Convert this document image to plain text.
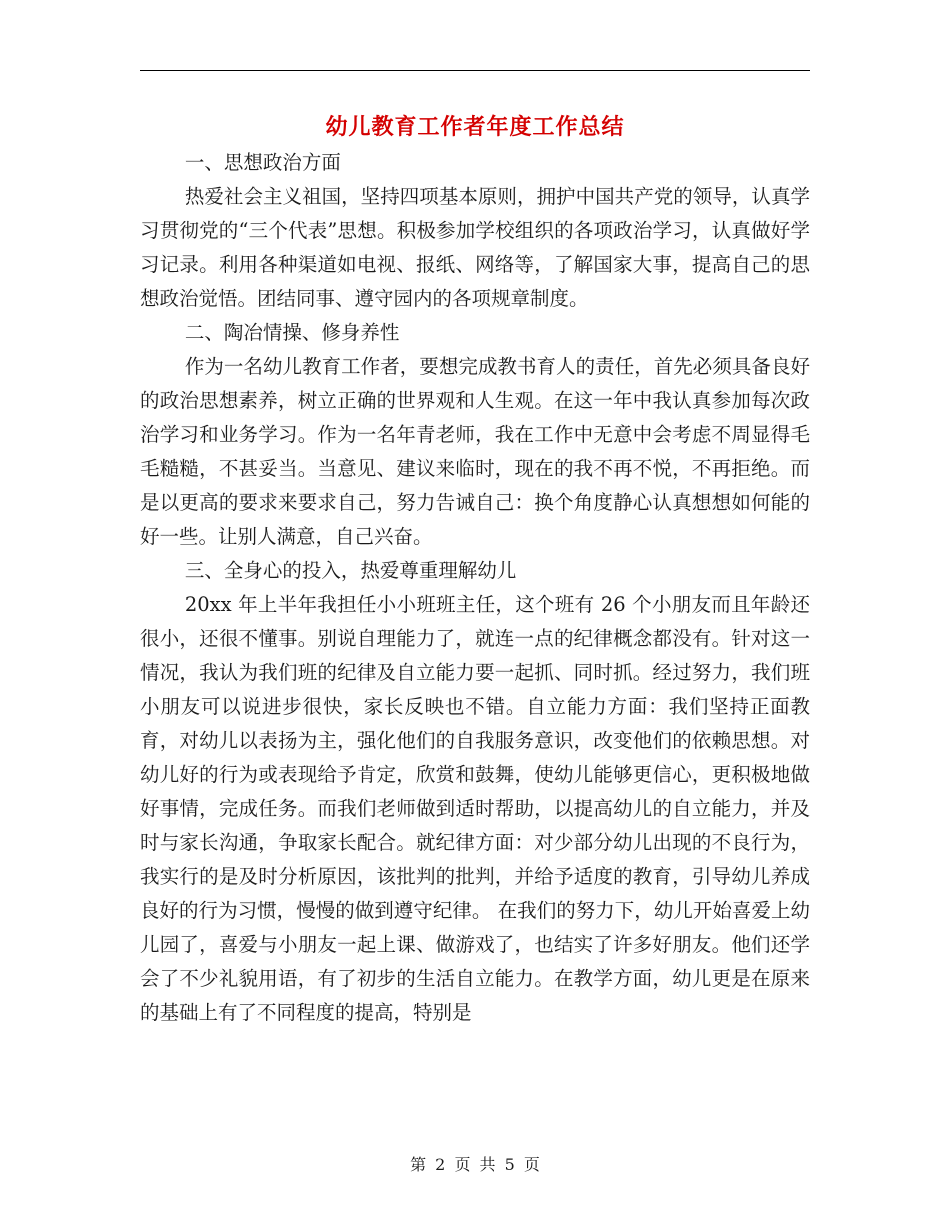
幼儿教育工作者年度工作总结

一、思想政治方面

热爱社会主义祖国，坚持四项基本原则，拥护中国共产党的领导，认真学习贯彻党的“三个代表”思想。积极参加学校组织的各项政治学习，认真做好学习记录。利用各种渠道如电视、报纸、网络等，了解国家大事，提高自己的思想政治觉悟。团结同事、遵守园内的各项规章制度。

二、陶冶情操、修身养性

作为一名幼儿教育工作者，要想完成教书育人的责任，首先必须具备良好的政治思想素养，树立正确的世界观和人生观。在这一年中我认真参加每次政治学习和业务学习。作为一名年青老师，我在工作中无意中会考虑不周显得毛毛糙糙，不甚妥当。当意见、建议来临时，现在的我不再不悦，不再拒绝。而是以更高的要求来要求自己，努力告诫自己：换个角度静心认真想想如何能的好一些。让别人满意，自己兴奋。

三、全身心的投入，热爱尊重理解幼儿

20xx 年上半年我担任小小班班主任，这个班有 26 个小朋友而且年龄还很小，还很不懂事。别说自理能力了，就连一点的纪律概念都没有。针对这一情况，我认为我们班的纪律及自立能力要一起抓、同时抓。经过努力，我们班小朋友可以说进步很快，家长反映也不错。自立能力方面：我们坚持正面教育，对幼儿以表扬为主，强化他们的自我服务意识，改变他们的依赖思想。对幼儿好的行为或表现给予肯定，欣赏和鼓舞，使幼儿能够更信心，更积极地做好事情，完成任务。而我们老师做到适时帮助，以提高幼儿的自立能力，并及时与家长沟通，争取家长配合。就纪律方面：对少部分幼儿出现的不良行为，我实行的是及时分析原因，该批判的批判，并给予适度的教育，引导幼儿养成良好的行为习惯，慢慢的做到遵守纪律。 在我们的努力下，幼儿开始喜爱上幼儿园了，喜爱与小朋友一起上课、做游戏了，也结实了许多好朋友。他们还学会了不少礼貌用语，有了初步的生活自立能力。在教学方面，幼儿更是在原来的基础上有了不同程度的提高，特别是

第 2 页 共 5 页
